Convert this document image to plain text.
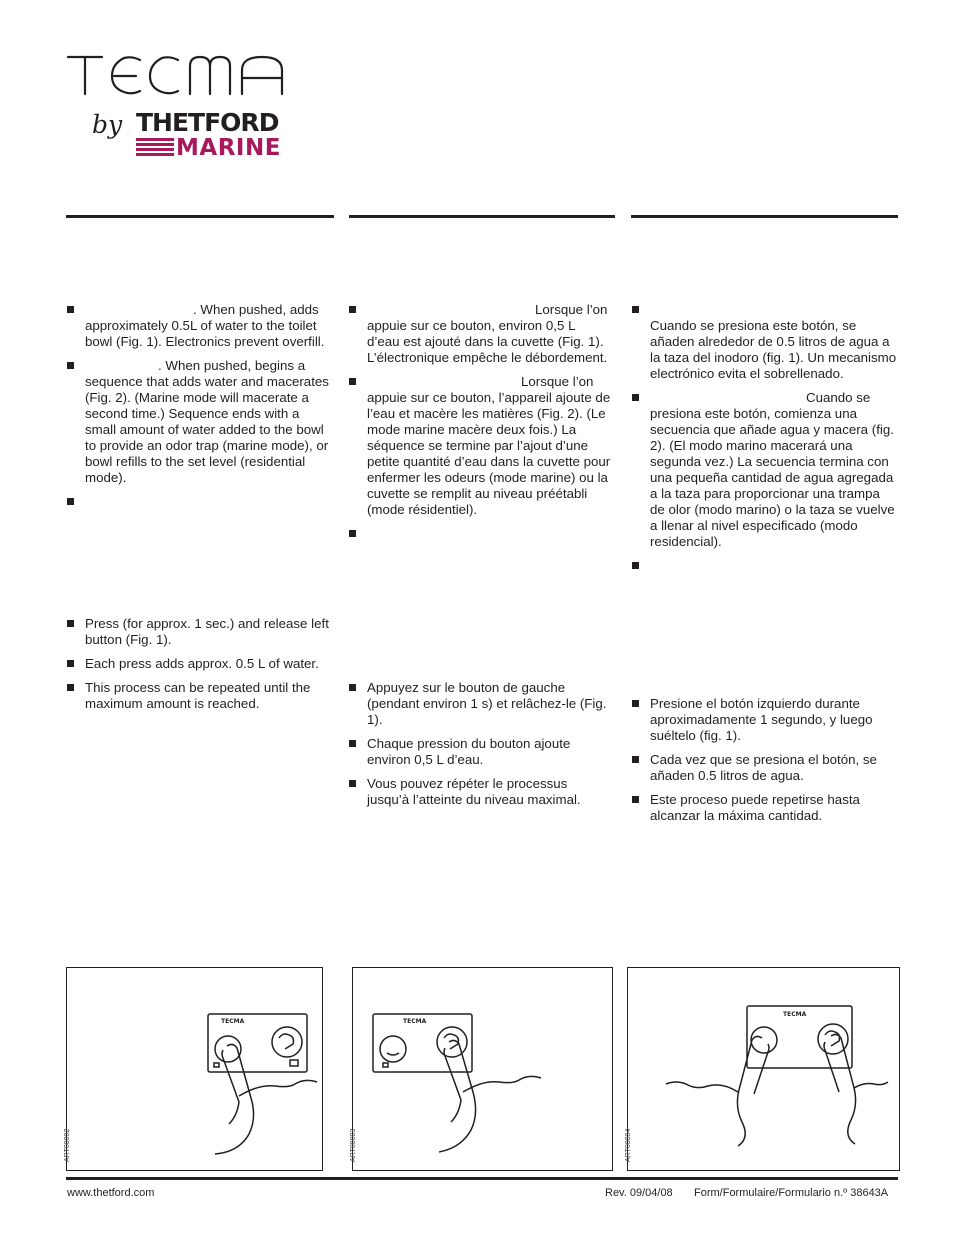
by THETFORD
MARINE
. When pushed, adds approximately 0.5L of water to the toilet bowl (Fig. 1). Electronics prevent overfill.
. When pushed, begins a sequence that adds water and macerates (Fig. 2). (Marine mode will macerate a second time.) Sequence ends with a small amount of water added to the bowl to provide an odor trap (marine mode), or bowl refills to the set level (residential mode).

Press (for approx. 1 sec.) and release left button (Fig. 1).
Each press adds approx. 0.5 L of water.
This process can be repeated until the maximum amount is reached.
Lorsque l’on appuie sur ce bouton, environ 0,5 L d’eau est ajouté dans la cuvette (Fig. 1). L’électronique empêche le débordement.
Lorsque l’on appuie sur ce bouton, l’appareil ajoute de l’eau et macère les matières (Fig. 2). (Le mode marine macère deux fois.) La séquence se termine par l’ajout d’une petite quantité d’eau dans la cuvette pour enfermer les odeurs (mode marine) ou la cuvette se remplit au niveau préétabli (mode résidentiel).

Appuyez sur le bouton de gauche (pendant environ 1 s) et relâchez-le (Fig. 1).
Chaque pression du bouton ajoute environ 0,5 L d’eau.
Vous pouvez répéter le processus jusqu’à l’atteinte du niveau maximal.
Cuando se presiona este botón, se añaden alrededor de 0.5 litros de agua a la taza del inodoro (fig. 1). Un mecanismo electrónico evita el sobrellenado.
Cuando se presiona este botón, comienza una secuencia que añade agua y macera (fig. 2). (El modo marino macerará una segunda vez.) La secuencia termina con una pequeña cantidad de agua agregada a la taza para proporcionar una trampa de olor (modo marino) o la taza se vuelve a llenar al nivel especificado (modo residencial).

Presione el botón izquierdo durante aproximadamente 1 segundo, y luego suéltelo (fig. 1).
Cada vez que se presiona el botón, se añaden 0.5 litros de agua.
Este proceso puede repetirse hasta alcanzar la máxima cantidad.
TECMA
ART00002
TECMA
ART00003
TECMA
ART00004
www.thetford.com	Rev. 09/04/08 Form/Formulaire/Formulario n.º 38643A
